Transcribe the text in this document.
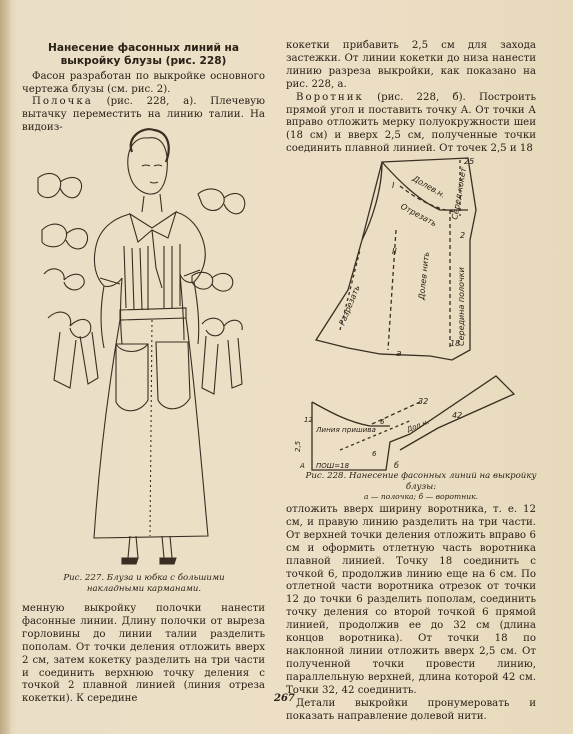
Нанесение фасонных линий на выкройку блузы (рис. 228)

Фасон разработан по выкройке основного чертежа блузы (см. рис. 2).

Полочка (рис. 228, а). Плечевую вытачку переместить на линию талии. На видоиз-

Рис. 227. Блуза и юбка с большими накладными карманами.
менную выкройку полочки нанести фасонные линии. Длину полочки от выреза горловины до линии талии разделить пополам. От точки деления отложить вверх 2 см, затем кокетку разделить на три части и соединить верхнюю точку деления с точкой 2 плавной линией (линия отреза кокетки). К середине

кокетки прибавить 2,5 см для захода застежки. От линии кокетки до низа нанести линию разреза выкройки, как показано на рис. 228, а.

Воротник (рис. 228, б). Построить прямой угол и поставить точку А. От точки А вправо отложить мерку полуокружности шеи (18 см) и вверх 2,5 см, полученные точки соединить плавной линией. От точек 2,5 и 18

Долев.н.
I
Отрезать Серед.кокет
25
2
II
Разрезать
Долев нить	Середина полочки
18
а
32
42
12	6
Линия пришива	Дол.н.
2,5
6
А ПОШ=18	б
Рис. 228. Нанесение фасонных линий на выкройку блузы:
а — полочка; б — воротник.

отложить вверх ширину воротника, т. е. 12 см, и правую линию разделить на три части. От верхней точки деления отложить вправо 6 см и оформить отлетную часть воротника плавной линией. Точку 18 соединить с точкой 6, продолжив линию еще на 6 см. По отлетной части воротника отрезок от точки 12 до точки 6 разделить пополам, соединить точку деления со второй точкой 6 прямой линией, продолжив ее до 32 см (длина концов воротника). От точки 18 по наклонной линии отложить вверх 2,5 см. От полученной точки провести линию, параллельную верхней, длина которой 42 см. Точки 32, 42 соединить.

Детали выкройки пронумеровать и показать направление долевой нити.

267
